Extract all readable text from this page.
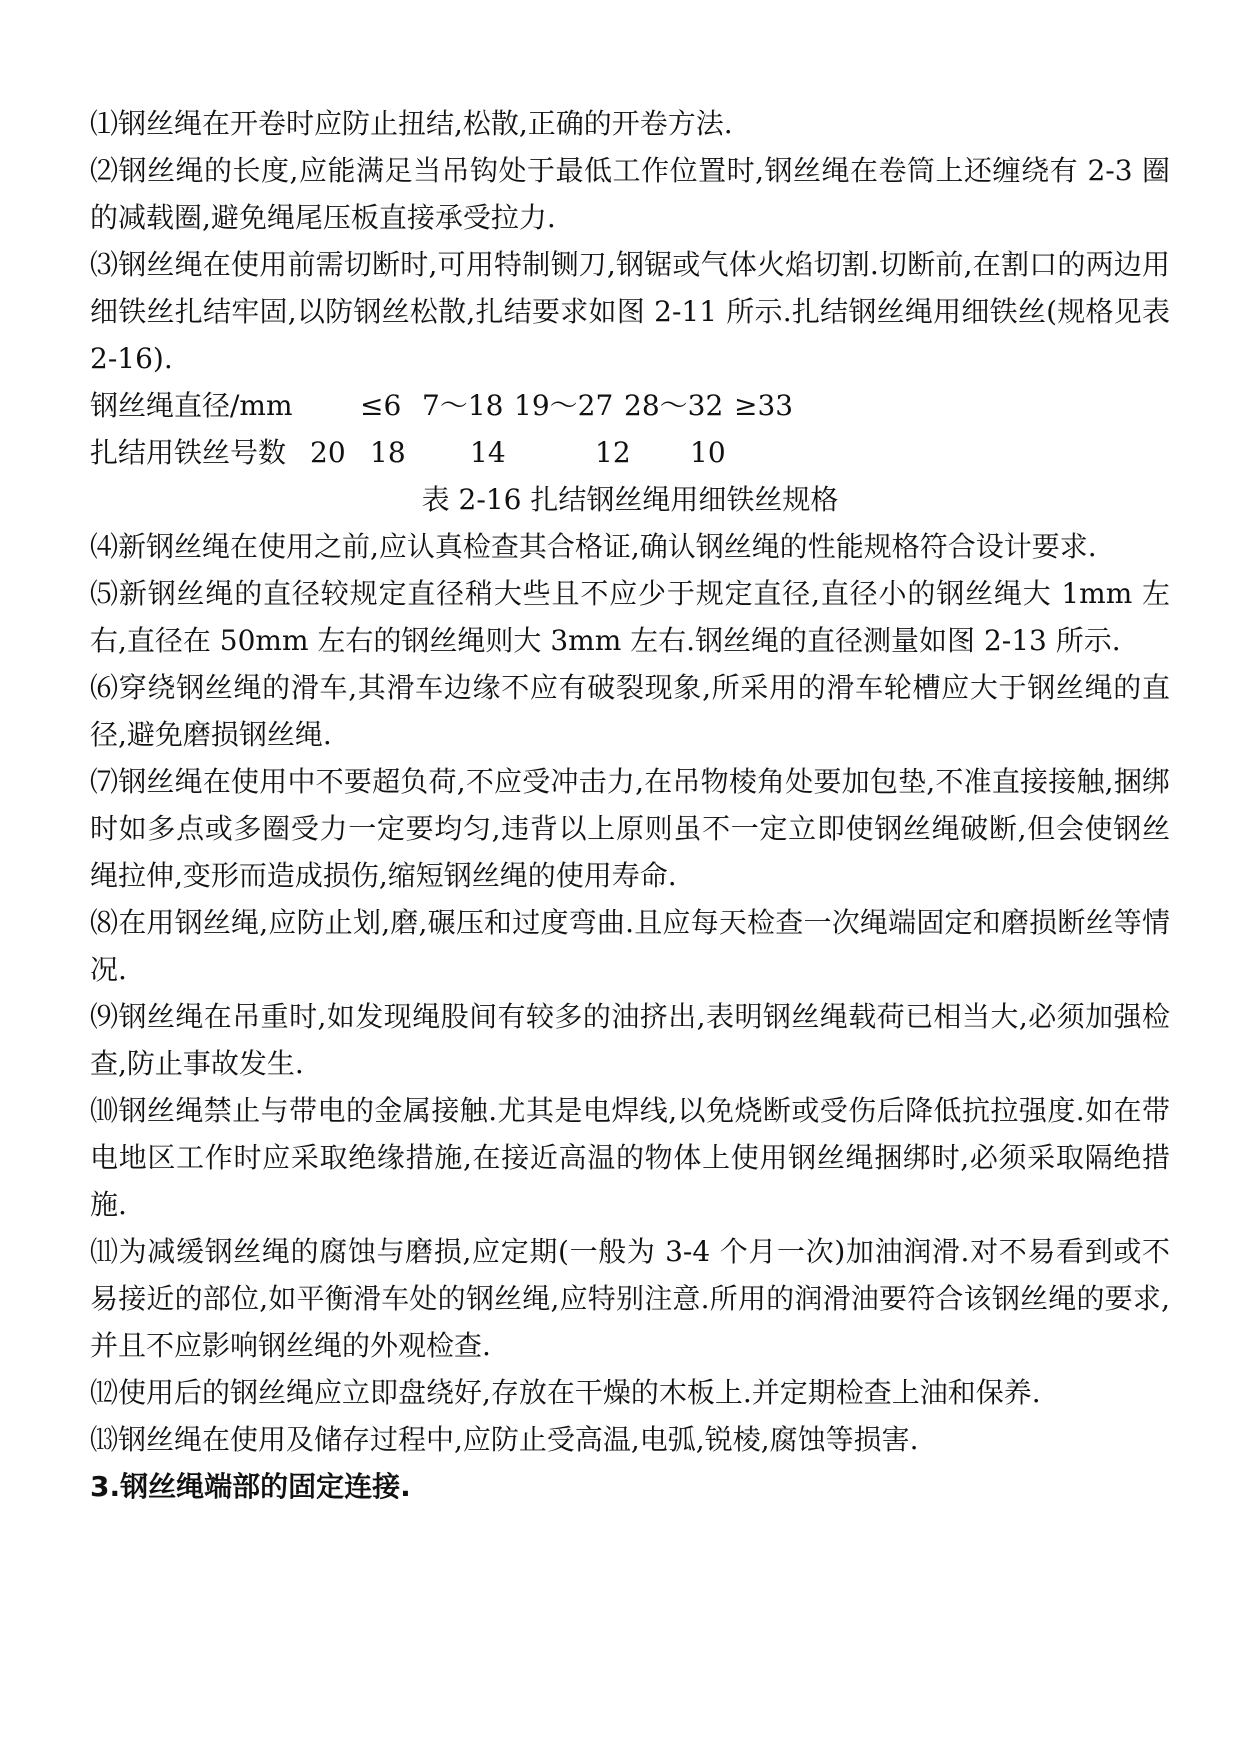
⑴钢丝绳在开卷时应防止扭结,松散,正确的开卷方法.

⑵钢丝绳的长度,应能满足当吊钩处于最低工作位置时,钢丝绳在卷筒上还缠绕有 2-3 圈的减载圈,避免绳尾压板直接承受拉力.

⑶钢丝绳在使用前需切断时,可用特制铡刀,钢锯或气体火焰切割.切断前,在割口的两边用细铁丝扎结牢固,以防钢丝松散,扎结要求如图 2-11 所示.扎结钢丝绳用细铁丝(规格见表 2-16).

钢丝绳直径/mm	≤6 7～18 19～27 28～32 ≥33
扎结用铁丝号数 20 18	14	12	10

表 2-16 扎结钢丝绳用细铁丝规格

⑷新钢丝绳在使用之前,应认真检查其合格证,确认钢丝绳的性能规格符合设计要求.

⑸新钢丝绳的直径较规定直径稍大些且不应少于规定直径,直径小的钢丝绳大 1mm 左右,直径在 50mm 左右的钢丝绳则大 3mm 左右.钢丝绳的直径测量如图 2-13 所示.

⑹穿绕钢丝绳的滑车,其滑车边缘不应有破裂现象,所采用的滑车轮槽应大于钢丝绳的直径,避免磨损钢丝绳.

⑺钢丝绳在使用中不要超负荷,不应受冲击力,在吊物棱角处要加包垫,不准直接接触,捆绑时如多点或多圈受力一定要均匀,违背以上原则虽不一定立即使钢丝绳破断,但会使钢丝绳拉伸,变形而造成损伤,缩短钢丝绳的使用寿命.

⑻在用钢丝绳,应防止划,磨,碾压和过度弯曲.且应每天检查一次绳端固定和磨损断丝等情况.

⑼钢丝绳在吊重时,如发现绳股间有较多的油挤出,表明钢丝绳载荷已相当大,必须加强检查,防止事故发生.

⑽钢丝绳禁止与带电的金属接触.尤其是电焊线,以免烧断或受伤后降低抗拉强度.如在带电地区工作时应采取绝缘措施,在接近高温的物体上使用钢丝绳捆绑时,必须采取隔绝措施.

⑾为减缓钢丝绳的腐蚀与磨损,应定期(一般为 3-4 个月一次)加油润滑.对不易看到或不易接近的部位,如平衡滑车处的钢丝绳,应特别注意.所用的润滑油要符合该钢丝绳的要求,并且不应影响钢丝绳的外观检查.

⑿使用后的钢丝绳应立即盘绕好,存放在干燥的木板上.并定期检查上油和保养.

⒀钢丝绳在使用及储存过程中,应防止受高温,电弧,锐棱,腐蚀等损害.

3.钢丝绳端部的固定连接.
